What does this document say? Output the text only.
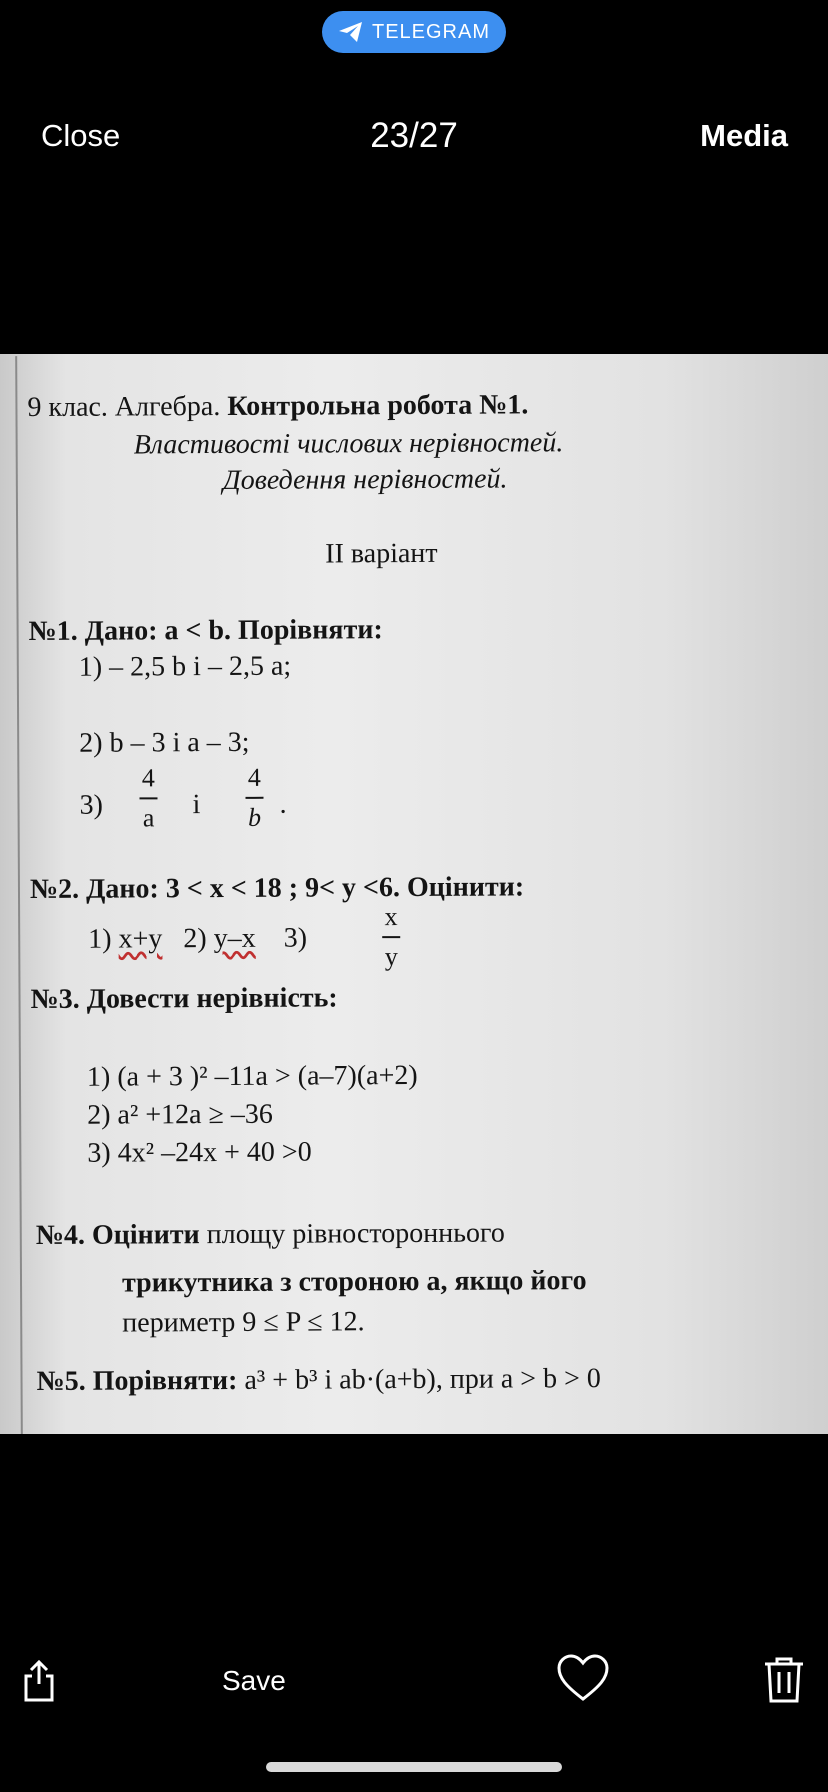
TELEGRAM
Close	23/27	Media
9 клас. Алгебра. Контрольна робота №1.
Властивості числових нерівностей.
Доведення нерівностей.
II варіант
№1. Дано: a < b. Порівняти:
1) – 2,5 b і – 2,5 a;
2) b – 3 і a – 3;
3)
4
a і
4
b .
№2. Дано: 3 < x < 18 ; 9< y <6. Оцінити:
1) x+y 2) y–x 3)
x
y
№3. Довести нерівність:
1) (a + 3 )² –11a > (a–7)(a+2)
2) a² +12a ≥ –36
3) 4x² –24x + 40 >0
№4. Оцінити площу рівностороннього
трикутника з стороною a, якщо його
периметр 9 ≤ P ≤ 12.
№5. Порівняти: a³ + b³ і ab·(a+b), при a > b > 0
Save
